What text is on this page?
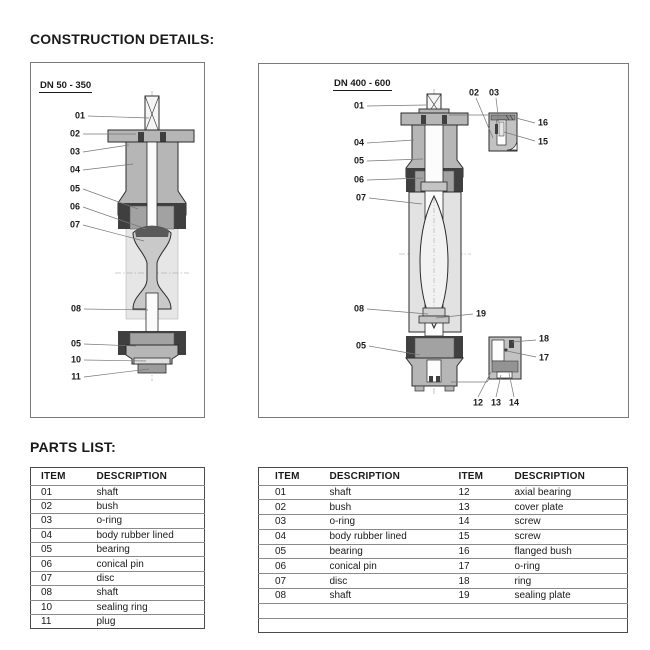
CONSTRUCTION DETAILS:
DN 50 - 350
01
02
03
04
05
06
07
08
05
10
11
DN 400 - 600
01
02 03
16
15
04
05
06
07
08	19
05
18
17
12 13 14
PARTS LIST:
ITEM	DESCRIPTION
01	shaft
02	bush
03	o-ring
04	body rubber lined
05	bearing
06	conical pin
07	disc
08	shaft
10	sealing ring
11	plug
ITEM	DESCRIPTION	ITEM	DESCRIPTION
01	shaft	12	axial bearing
02	bush	13	cover plate
03	o-ring	14	screw
04	body rubber lined	15	screw
05	bearing	16	flanged bush
06	conical pin	17	o-ring
07	disc	18	ring
08	shaft	19	sealing plate
